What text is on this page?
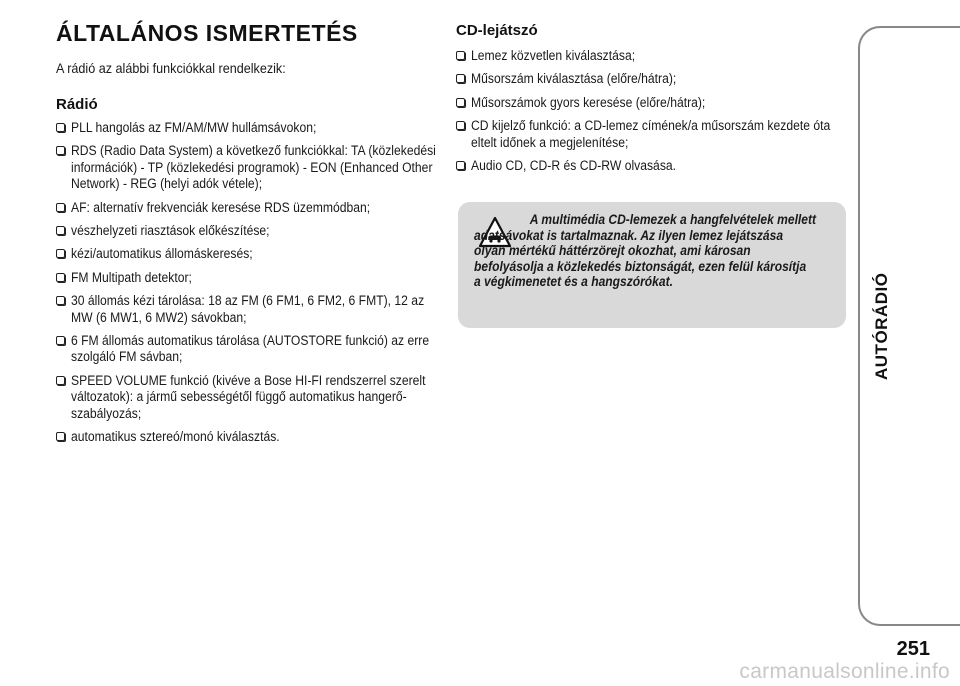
ÁLTALÁNOS ISMERTETÉS
A rádió az alábbi funkciókkal rendelkezik:
Rádió
PLL hangolás az FM/AM/MW hullámsávokon;
RDS (Radio Data System) a következő funkciókkal: TA (közlekedési információk) - TP (közlekedési programok) - EON (Enhanced Other Network) - REG (helyi adók vétele);
AF: alternatív frekvenciák keresése RDS üzemmódban;
vészhelyzeti riasztások előkészítése;
kézi/automatikus állomáskeresés;
FM Multipath detektor;
30 állomás kézi tárolása: 18 az FM (6 FM1, 6 FM2, 6 FMT), 12 az MW (6 MW1, 6 MW2) sávokban;
6 FM állomás automatikus tárolása (AUTOSTORE funkció) az erre szolgáló FM sávban;
SPEED VOLUME funkció (kivéve a Bose HI-FI rendszerrel szerelt változatok): a jármű sebességétől függő automatikus hangerő-szabályozás;
automatikus sztereó/monó kiválasztás.
CD-lejátszó
Lemez közvetlen kiválasztása;
Műsorszám kiválasztása (előre/hátra);
Műsorszámok gyors keresése (előre/hátra);
CD kijelző funkció: a CD-lemez címének/a műsorszám kezdete óta eltelt időnek a megjelenítése;
Audio CD, CD-R és CD-RW olvasása.
A multimédia CD-lemezek a hangfelvételek mellett adatsávokat is tartalmaznak. Az ilyen lemez lejátszása olyan mértékű háttérzörejt okozhat, ami károsan befolyásolja a közlekedés biztonságát, ezen felül károsítja a végkimenetet és a hangszórókat.	AUTÓRÁDIÓ
251
carmanualsonline.info
